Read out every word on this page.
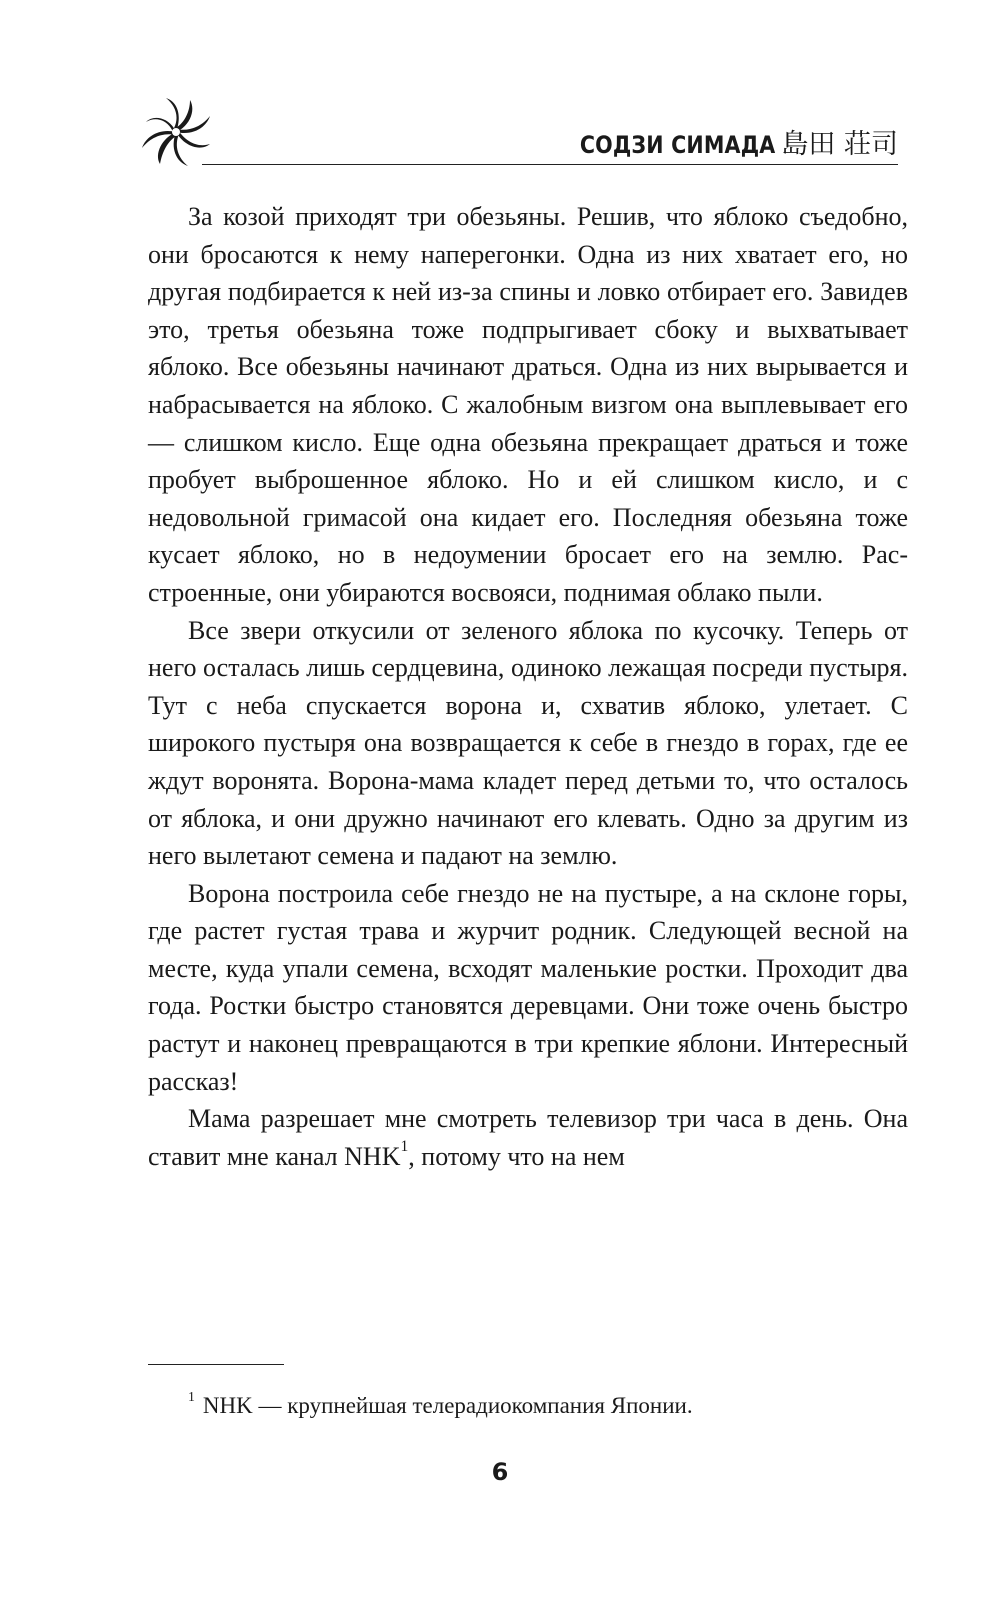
СОДЗИ СИМАДА 島田 荘司

За козой приходят три обезьяны. Решив, что яблоко съедобно, они бросаются к нему наперегонки. Одна из них хватает его, но другая подбирается к ней из-за спины и ловко отбирает его. Завидев это, третья обезьяна тоже подпрыгивает сбоку и выхватывает яблоко. Все обезьяны начинают драться. Одна из них вырывается и набрасывается на яблоко. С жалобным визгом она выплевывает его — слишком кисло. Еще одна обезьяна прекращает драться и тоже пробует выброшенное яблоко. Но и ей слишком кисло, и с недовольной гримасой она кидает его. Последняя обезьяна тоже кусает яблоко, но в недоумении бросает его на землю. Расстроенные, они убираются восвояси, поднимая облако пыли.

Все звери откусили от зеленого яблока по кусочку. Теперь от него осталась лишь сердцевина, одиноко лежащая посреди пустыря. Тут с неба спускается ворона и, схватив яблоко, улетает. С широкого пустыря она возвращается к себе в гнездо в горах, где ее ждут воронята. Ворона-мама кладет перед детьми то, что осталось от яблока, и они дружно начинают его клевать. Одно за другим из него вылетают семена и падают на землю.

Ворона построила себе гнездо не на пустыре, а на склоне горы, где растет густая трава и журчит родник. Следующей весной на месте, куда упали семена, всходят маленькие ростки. Проходит два года. Ростки быстро становятся деревцами. Они тоже очень быстро растут и наконец превращаются в три крепкие яблони. Интересный рассказ!

Мама разрешает мне смотреть телевизор три часа в день. Она ставит мне канал NHK$^1$, потому что на нем

$^1$ NHK — крупнейшая телерадиокомпания Японии.
6
